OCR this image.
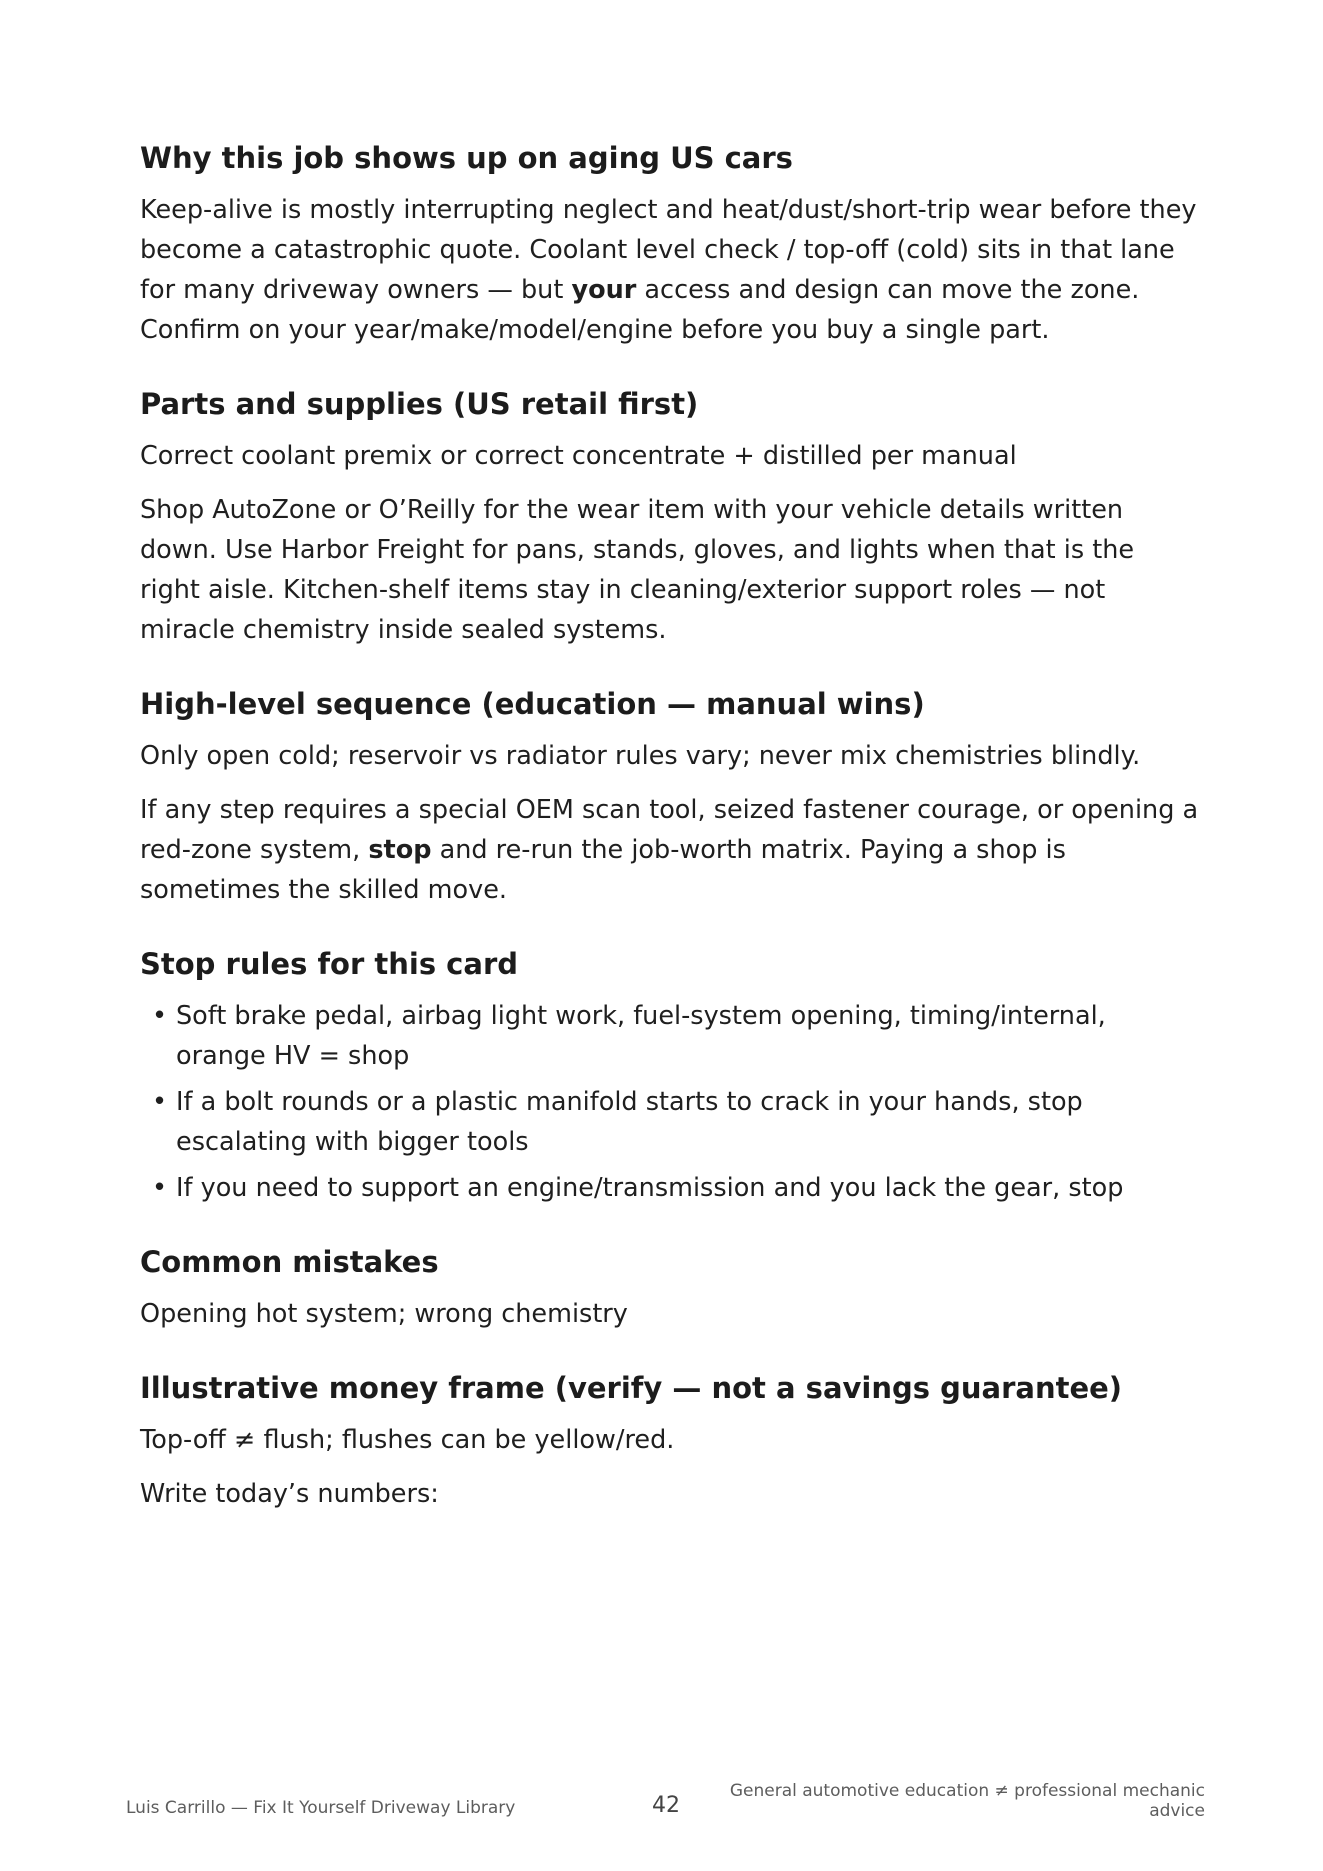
Why this job shows up on aging US cars

Keep-alive is mostly interrupting neglect and heat/dust/short-trip wear before they become a catastrophic quote. Coolant level check / top-off (cold) sits in that lane for many driveway owners — but your access and design can move the zone. Confirm on your year/make/model/engine before you buy a single part.

Parts and supplies (US retail first)

Correct coolant premix or correct concentrate + distilled per manual

Shop AutoZone or O’Reilly for the wear item with your vehicle details written down. Use Harbor Freight for pans, stands, gloves, and lights when that is the right aisle. Kitchen-shelf items stay in cleaning/exterior support roles — not miracle chemistry inside sealed systems.

High-level sequence (education — manual wins)

Only open cold; reservoir vs radiator rules vary; never mix chemistries blindly.

If any step requires a special OEM scan tool, seized fastener courage, or opening a red-zone system, stop and re-run the job-worth matrix. Paying a shop is sometimes the skilled move.

Stop rules for this card
• Soft brake pedal, airbag light work, fuel-system opening, timing/internal, orange HV = shop
• If a bolt rounds or a plastic manifold starts to crack in your hands, stop escalating with bigger tools
• If you need to support an engine/transmission and you lack the gear, stop
Common mistakes

Opening hot system; wrong chemistry

Illustrative money frame (verify — not a savings guarantee)

Top-off ≠ flush; flushes can be yellow/red.

Write today’s numbers:

Luis Carrillo — Fix It Yourself Driveway Library	42
General automotive education ≠ professional mechanic advice
